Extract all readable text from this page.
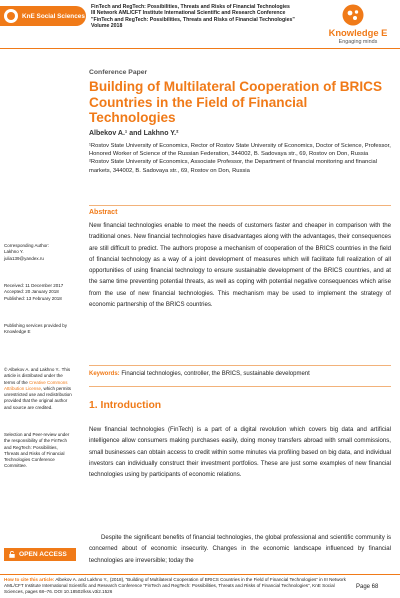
KnE Social Sciences
FinTech and RegTech: Possibilities, Threats and Risks of Financial Technologies
III Network AML/CFT Institute International Scientific and Research Conference
"FinTech and RegTech: Possibilities, Threats and Risks of Financial Technologies"
Volume 2018
Knowledge E
Engaging minds
Corresponding Author:
Lakhno Y.
julia139@yandex.ru
Received: 11 December 2017
Accepted: 20 January 2018
Published: 13 February 2018
Publishing services provided by Knowledge E
© Albekov A. and Lakhno Y.. This article is distributed under the terms of the Creative Commons Attribution License, which permits unrestricted use and redistribution provided that the original author and source are credited.
Selection and Peer-review under the responsibility of the FinTech and RegTech: Possibilities, Threats and Risks of Financial Technologies Conference Committee.
OPEN ACCESS
Conference Paper
Building of Multilateral Cooperation of BRICS Countries in the Field of Financial Technologies
Albekov A.¹ and Lakhno Y.²
¹Rostov State University of Economics, Rector of Rostov State University of Economics, Doctor of Science, Professor, Honored Worker of Science of the Russian Federation, 344002, B. Sadovaya str., 69, Rostov on Don, Russia
²Rostov State University of Economics, Associate Professor, the Department of financial monitoring and financial markets, 344002, B. Sadovaya str., 69, Rostov on Don, Russia
Abstract
New financial technologies enable to meet the needs of customers faster and cheaper in comparison with the traditional ones. New financial technologies have disadvantages along with the advantages, their consequences are still difficult to predict. The authors propose a mechanism of cooperation of the BRICS countries in the field of financial technology as a way of a joint development of measures which will facilitate full realization of all opportunities of using financial technology to ensure sustainable development of the BRICS countries, and at the same time preventing potential threats, as well as coping with potential negative consequences which arise from the use of new financial technologies. This mechanism may be used to implement the strategy of economic partnership of the BRICS countries.
Keywords: Financial technologies, controller, the BRICS, sustainable development
1. Introduction
New financial technologies (FinTech) is a part of a digital revolution which covers big data and artificial intelligence allow consumers making purchases easily, doing money transfers abroad with small commissions, small businesses can obtain access to credit within some minutes via profiling based on big data, and individual investors can individually construct their investment portfolios. These are just some examples of new financial technologies using by participants of economic relations.
Despite the significant benefits of financial technologies, the global professional and scientific community is concerned about of economic insecurity. Changes in the economic landscape influenced by financial technologies are irreversible; today the
How to cite this article: Albekov A. and Lakhno Y., (2018), “Building of Multilateral Cooperation of BRICS Countries in the Field of Financial Technologies” in III Network AML/CFT Institute International Scientific and Research Conference “FinTech and RegTech: Possibilities, Threats and Risks of Financial Technologies”, KnE Social Sciences, pages 68–76. DOI 10.18502/kss.v3i2.1526
Page 68
